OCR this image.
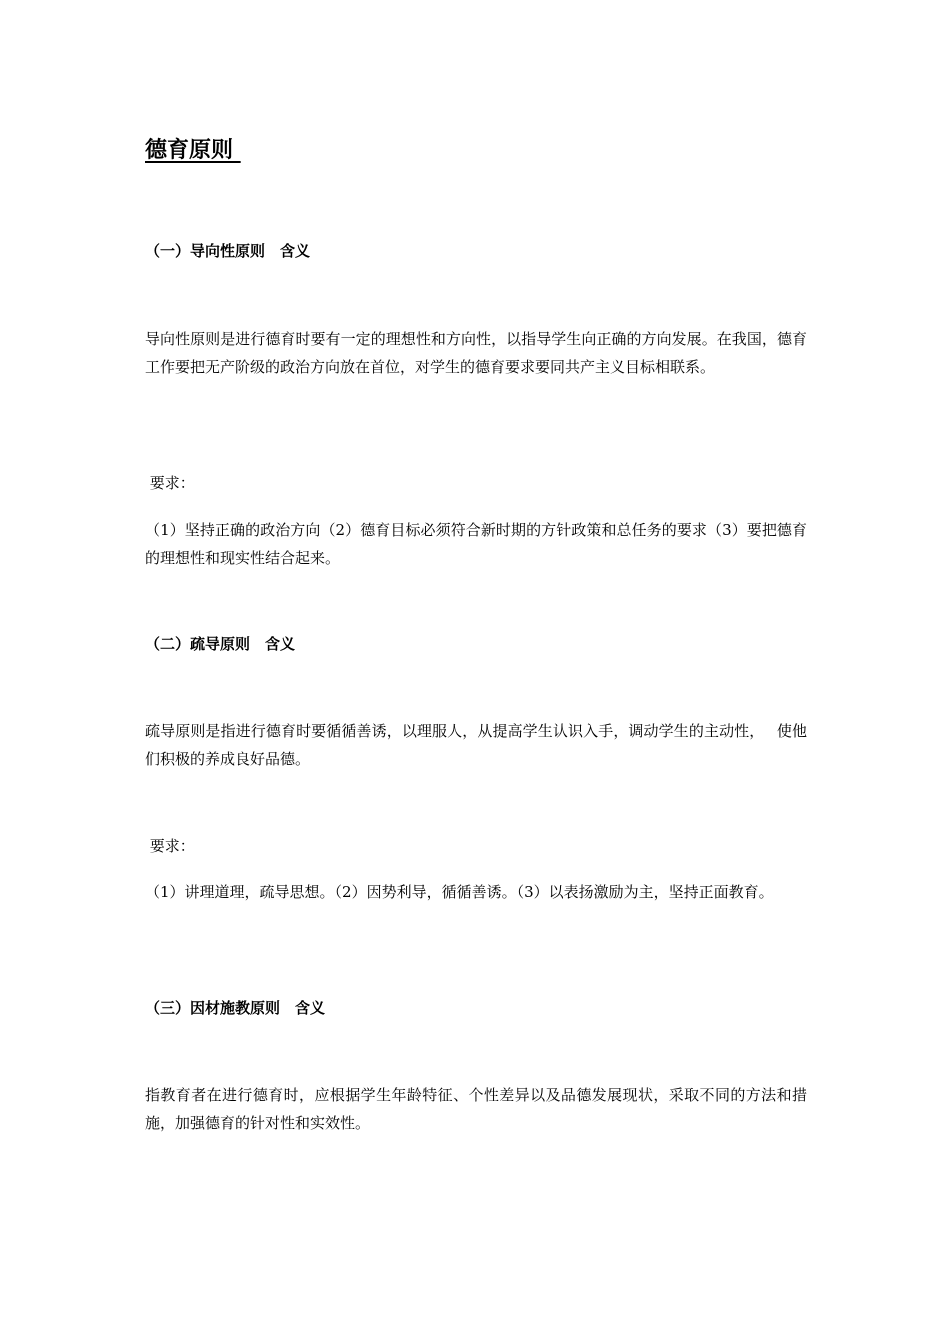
德育原则
（一）导向性原则　含义

导向性原则是进行德育时要有一定的理想性和方向性，以指导学生向正确的方向发展。在我国，德育工作要把无产阶级的政治方向放在首位，对学生的德育要求要同共产主义目标相联系。

要求：

（1）坚持正确的政治方向（2）德育目标必须符合新时期的方针政策和总任务的要求（3）要把德育的理想性和现实性结合起来。

（二）疏导原则　含义

疏导原则是指进行德育时要循循善诱，以理服人，从提高学生认识入手，调动学生的主动性，　 使他们积极的养成良好品德。

要求：

（1）讲理道理，疏导思想。（2）因势利导，循循善诱。（3）以表扬激励为主，坚持正面教育。

（三）因材施教原则　含义

指教育者在进行德育时，应根据学生年龄特征、个性差异以及品德发展现状，采取不同的方法和措施，加强德育的针对性和实效性。
